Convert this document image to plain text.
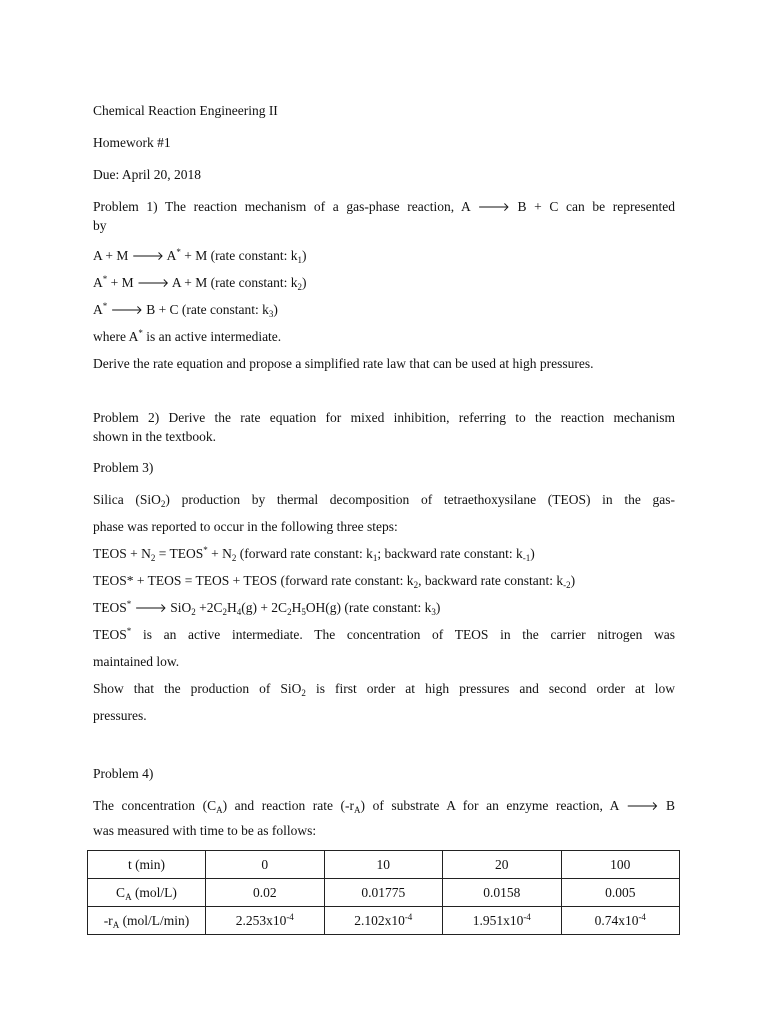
Chemical Reaction Engineering II
Homework #1
Due: April 20, 2018
Problem 1) The reaction mechanism of a gas-phase reaction, A 🡒 B + C can be represented
by
A + M 🡒 A* + M (rate constant: $k_1$)
A* + M 🡒 A + M (rate constant: $k_2$)
A* 🡒 B + C (rate constant: $k_3$)
where A* is an active intermediate.
Derive the rate equation and propose a simplified rate law that can be used at high pressures.
Problem 2) Derive the rate equation for mixed inhibition, referring to the reaction mechanism
shown in the textbook.
Problem 3)
Silica (SiO$_2$) production by thermal decomposition of tetraethoxysilane (TEOS) in the gas-
phase was reported to occur in the following three steps:
TEOS + $N_2$ = TEOS* + $N_2$ (forward rate constant: $k_1$; backward rate constant: $k_{-1}$)
TEOS* + TEOS = TEOS + TEOS (forward rate constant: $k_2$, backward rate constant: $k_{-2}$)
TEOS* 🡒 $SiO_2 +2C_2H_4(g) + 2C_2H_5OH(g)$ (rate constant: $k_3$)
TEOS* is an active intermediate. The concentration of TEOS in the carrier nitrogen was
maintained low.
Show that the production of SiO$_2$ is first order at high pressures and second order at low
pressures.
Problem 4)
The concentration $(C_A)$ and reaction rate $(-r_A)$ of substrate A for an enzyme reaction, A 🡒 B
was measured with time to be as follows:
t (min)	0	10	20	100
$C_A$ (mol/L)	0.02	0.01775	0.0158	0.005
$-r_A$ (mol/L/min)	$2.253x10^{-4}$	$2.102x10^{-4}$	$1.951x10^{-4}$	$0.74x10^{-4}$
